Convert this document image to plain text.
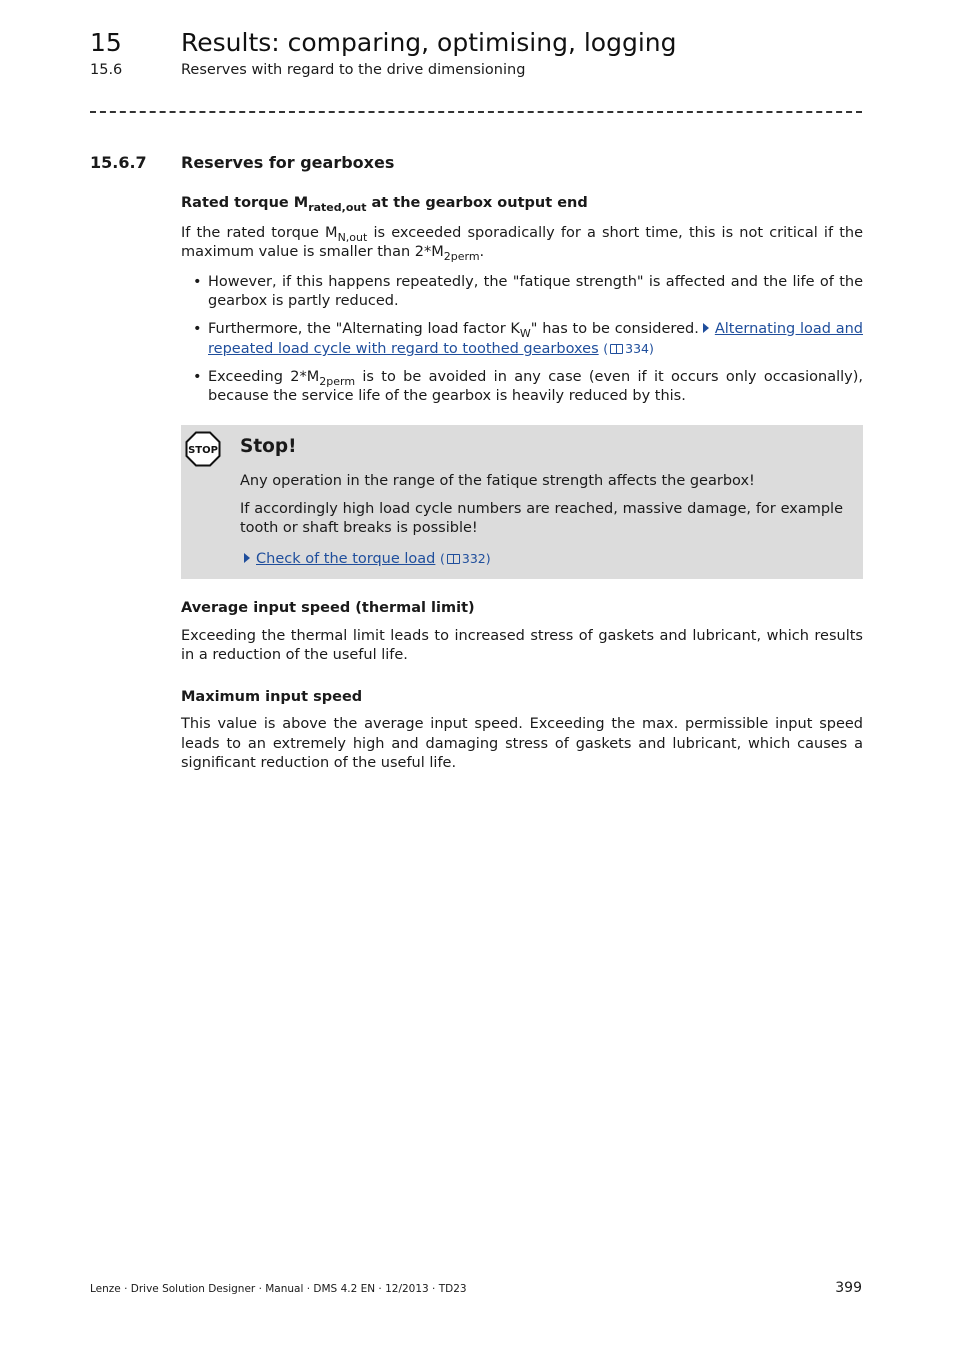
15 Results: comparing, optimising, logging
15.6	Reserves with regard to the drive dimensioning
15.6.7 Reserves for gearboxes
Rated torque $M_{rated,out}$ at the gearbox output end

If the rated torque $M_{N,out}$ is exceeded sporadically for a short time, this is not critical if the maximum value is smaller than $2*M_{2perm}$.

• However, if this happens repeatedly, the "fatique strength" is affected and the life of the gearbox is partly reduced.
• Furthermore, the "Alternating load factor $K_W$" has to be considered. Alternating load and repeated load cycle with regard to toothed gearboxes ( 334)
• Exceeding $2*M_{2perm}$ is to be avoided in any case (even if it occurs only occasionally), because the service life of the gearbox is heavily reduced by this.
STOP Stop!

Any operation in the range of the fatique strength affects the gearbox!

If accordingly high load cycle numbers are reached, massive damage, for example tooth or shaft breaks is possible!

Check of the torque load ( 332)
Average input speed (thermal limit)

Exceeding the thermal limit leads to increased stress of gaskets and lubricant, which results in a reduction of the useful life.

Maximum input speed

This value is above the average input speed. Exceeding the max. permissible input speed leads to an extremely high and damaging stress of gaskets and lubricant, which causes a significant reduction of the useful life.

Lenze · Drive Solution Designer · Manual · DMS 4.2 EN · 12/2013 · TD23	399
